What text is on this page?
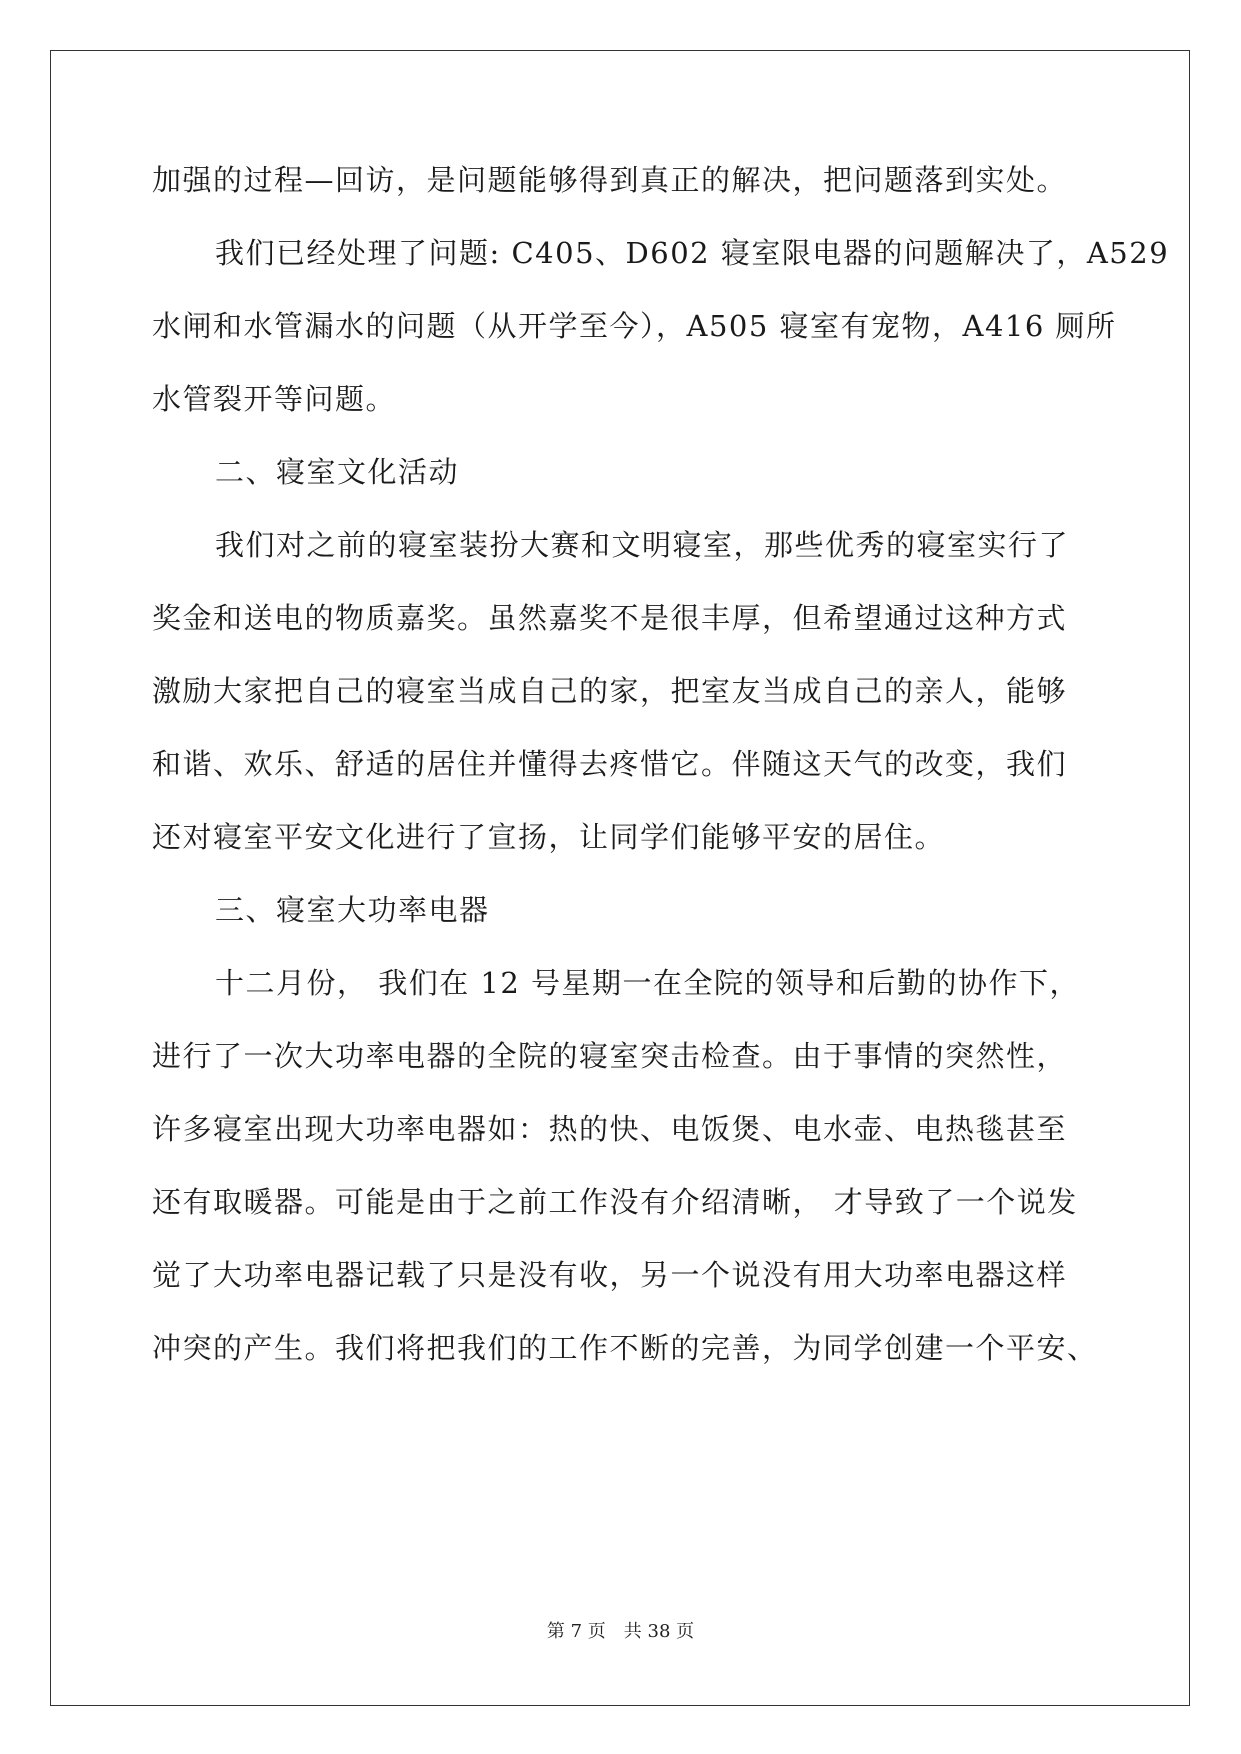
加强的过程—回访，是问题能够得到真正的解决，把问题落到实处。
我们已经处理了问题: C405、D602 寝室限电器的问题解决了，A529
水闸和水管漏水的问题（从开学至今），A505 寝室有宠物，A416 厕所
水管裂开等问题。
二、寝室文化活动
我们对之前的寝室装扮大赛和文明寝室，那些优秀的寝室实行了
奖金和送电的物质嘉奖。虽然嘉奖不是很丰厚，但希望通过这种方式
激励大家把自己的寝室当成自己的家，把室友当成自己的亲人，能够
和谐、欢乐、舒适的居住并懂得去疼惜它。伴随这天气的改变，我们
还对寝室平安文化进行了宣扬，让同学们能够平安的居住。
三、寝室大功率电器
十二月份， 我们在 12 号星期一在全院的领导和后勤的协作下，
进行了一次大功率电器的全院的寝室突击检查。由于事情的突然性，
许多寝室出现大功率电器如：热的快、电饭煲、电水壶、电热毯甚至
还有取暖器。可能是由于之前工作没有介绍清晰， 才导致了一个说发
觉了大功率电器记载了只是没有收，另一个说没有用大功率电器这样
冲突的产生。我们将把我们的工作不断的完善，为同学创建一个平安、
第 7 页　共 38 页
